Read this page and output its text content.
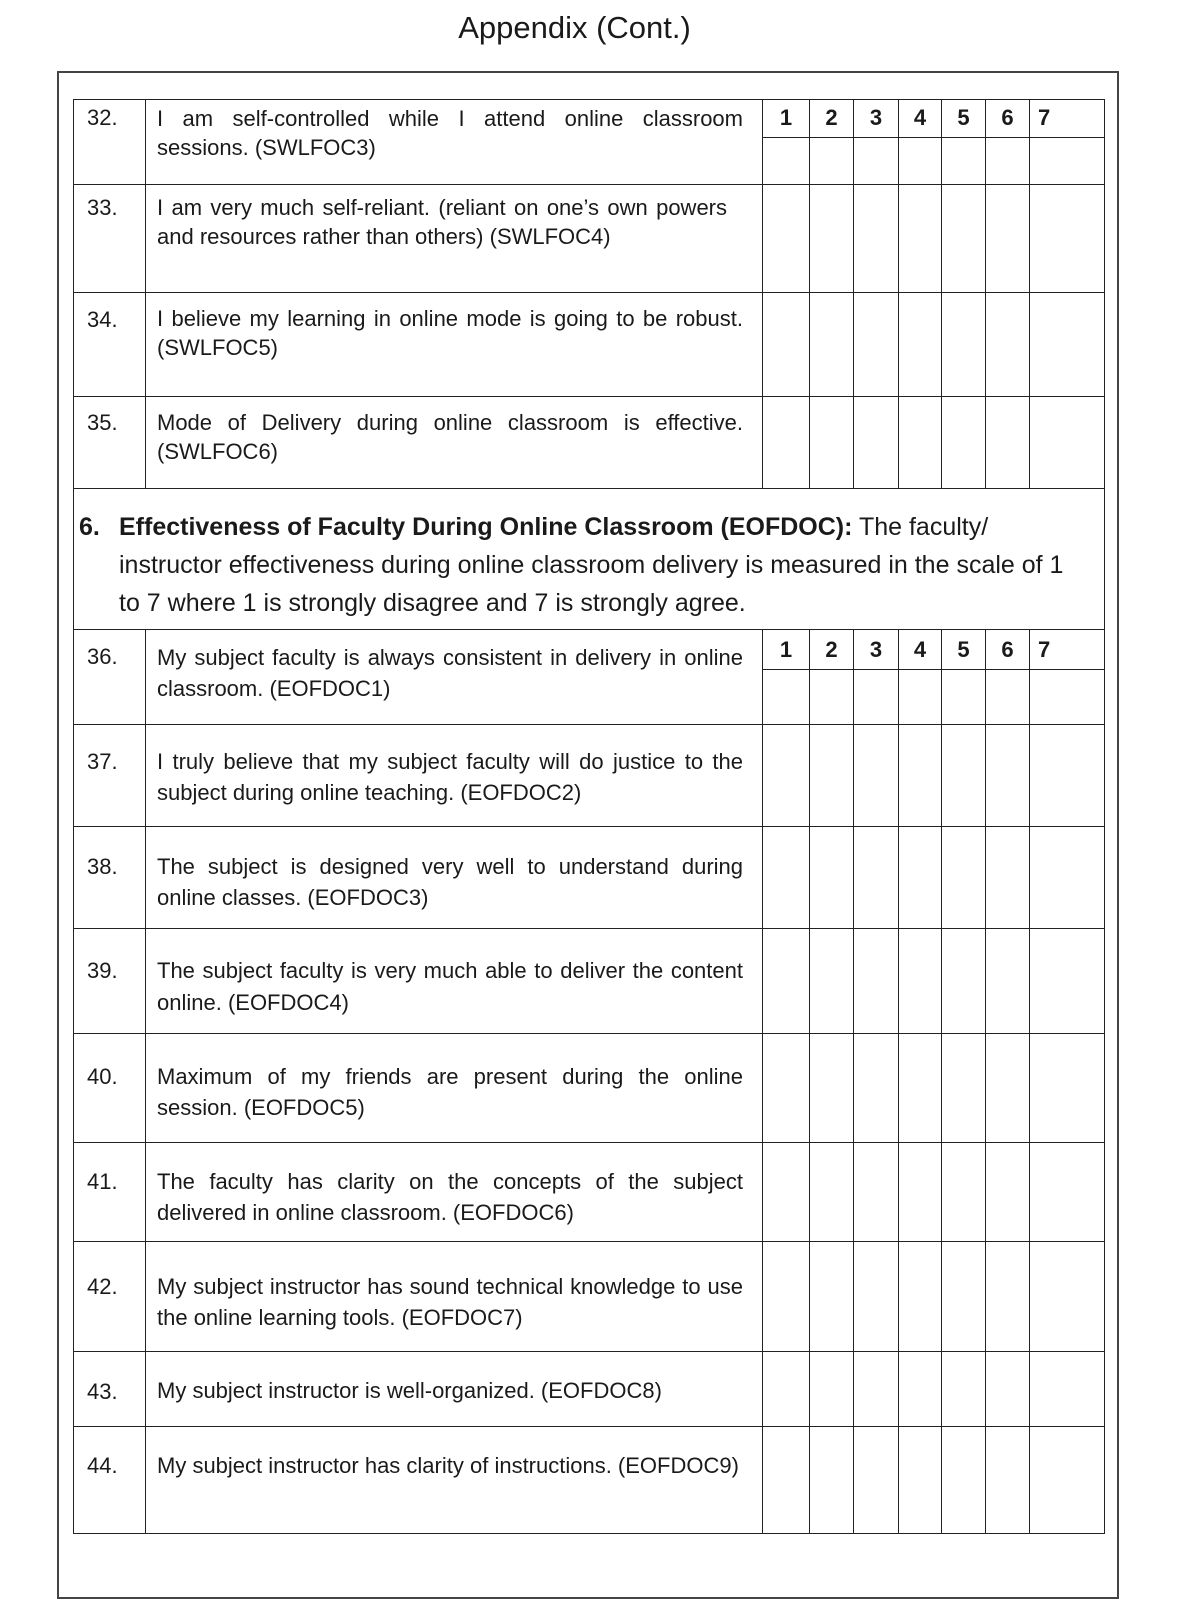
Appendix (Cont.)
1	2	3	4	5	6	7
1	2	3	4	5	6	7
32. I am self-controlled while I attend online classroom sessions. (SWLFOC3)
33. I am very much self-reliant. (reliant on one’s own powers and resources rather than others) (SWLFOC4)
34. I believe my learning in online mode is going to be robust. (SWLFOC5)
35. Mode of Delivery during online classroom is effective. (SWLFOC6)
6. Effectiveness of Faculty During Online Classroom (EOFDOC): The faculty/ instructor effectiveness during online classroom delivery is measured in the scale of 1 to 7 where 1 is strongly disagree and 7 is strongly agree.
36. My subject faculty is always consistent in delivery in online classroom. (EOFDOC1)
37. I truly believe that my subject faculty will do justice to the subject during online teaching. (EOFDOC2)
38. The subject is designed very well to understand during online classes. (EOFDOC3)
39. The subject faculty is very much able to deliver the content online. (EOFDOC4)
40. Maximum of my friends are present during the online session. (EOFDOC5)
41. The faculty has clarity on the concepts of the subject delivered in online classroom. (EOFDOC6)
42. My subject instructor has sound technical knowledge to use the online learning tools. (EOFDOC7)
43. My subject instructor is well-organized. (EOFDOC8)
44. My subject instructor has clarity of instructions. (EOFDOC9)
